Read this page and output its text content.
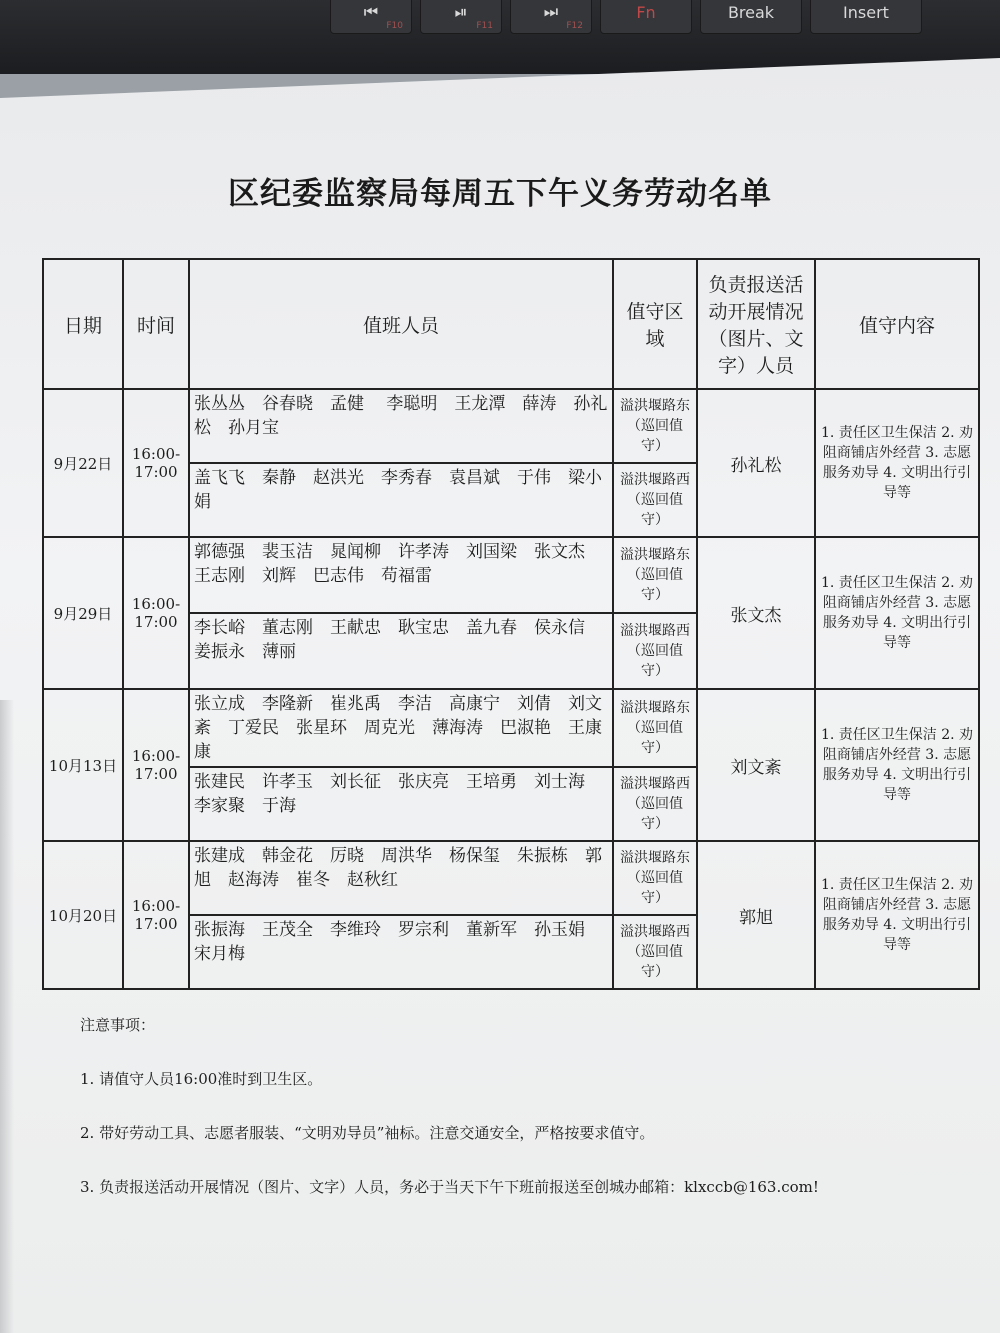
⏮
F10
⏯
F11
⏭
F12
Fn	Break	Insert
区纪委监察局每周五下午义务劳动名单
日期	时间	值班人员	值守区域	负责报送活动开展情况（图片、文字）人员	值守内容
9月22日	16:00-17:00	张丛丛　谷春晓　孟健　 李聪明　王龙潭　薛涛　孙礼松　孙月宝	溢洪堰路东（巡回值守）	孙礼松	1. 责任区卫生保洁 2. 劝阻商铺店外经营 3. 志愿服务劝导 4. 文明出行引导等
		盖飞飞　秦静　赵洪光　李秀春　袁昌斌　于伟　梁小娟	溢洪堰路西（巡回值守）		
9月29日	16:00-17:00	郭德强　裴玉洁　晁闻柳　许孝涛　刘国梁　张文杰　王志刚　刘辉　巴志伟　苟福雷	溢洪堰路东（巡回值守）	张文杰	1. 责任区卫生保洁 2. 劝阻商铺店外经营 3. 志愿服务劝导 4. 文明出行引导等
		李长峪　董志刚　王献忠　耿宝忠　盖九春　侯永信　姜振永　薄丽	溢洪堰路西（巡回值守）		
10月13日	16:00-17:00	张立成　李隆新　崔兆禹　李洁　高康宁　刘倩　刘文紊　丁爱民　张星环　周克光　薄海涛　巴淑艳　王康康	溢洪堰路东（巡回值守）	刘文紊	1. 责任区卫生保洁 2. 劝阻商铺店外经营 3. 志愿服务劝导 4. 文明出行引导等
		张建民　许孝玉　刘长征　张庆亮　王培勇　刘士海　李家聚　于海	溢洪堰路西（巡回值守）		
10月20日	16:00-17:00	张建成　韩金花　厉晓　周洪华　杨保玺　朱振栋　郭旭　赵海涛　崔冬　赵秋红	溢洪堰路东（巡回值守）	郭旭	1. 责任区卫生保洁 2. 劝阻商铺店外经营 3. 志愿服务劝导 4. 文明出行引导等
		张振海　王茂全　李维玲　罗宗利　董新军　孙玉娟　宋月梅	溢洪堰路西（巡回值守）		
注意事项：
1. 请值守人员16:00准时到卫生区。
2. 带好劳动工具、志愿者服装、“文明劝导员”袖标。注意交通安全，严格按要求值守。
3. 负责报送活动开展情况（图片、文字）人员，务必于当天下午下班前报送至创城办邮箱：klxccb@163.com!
